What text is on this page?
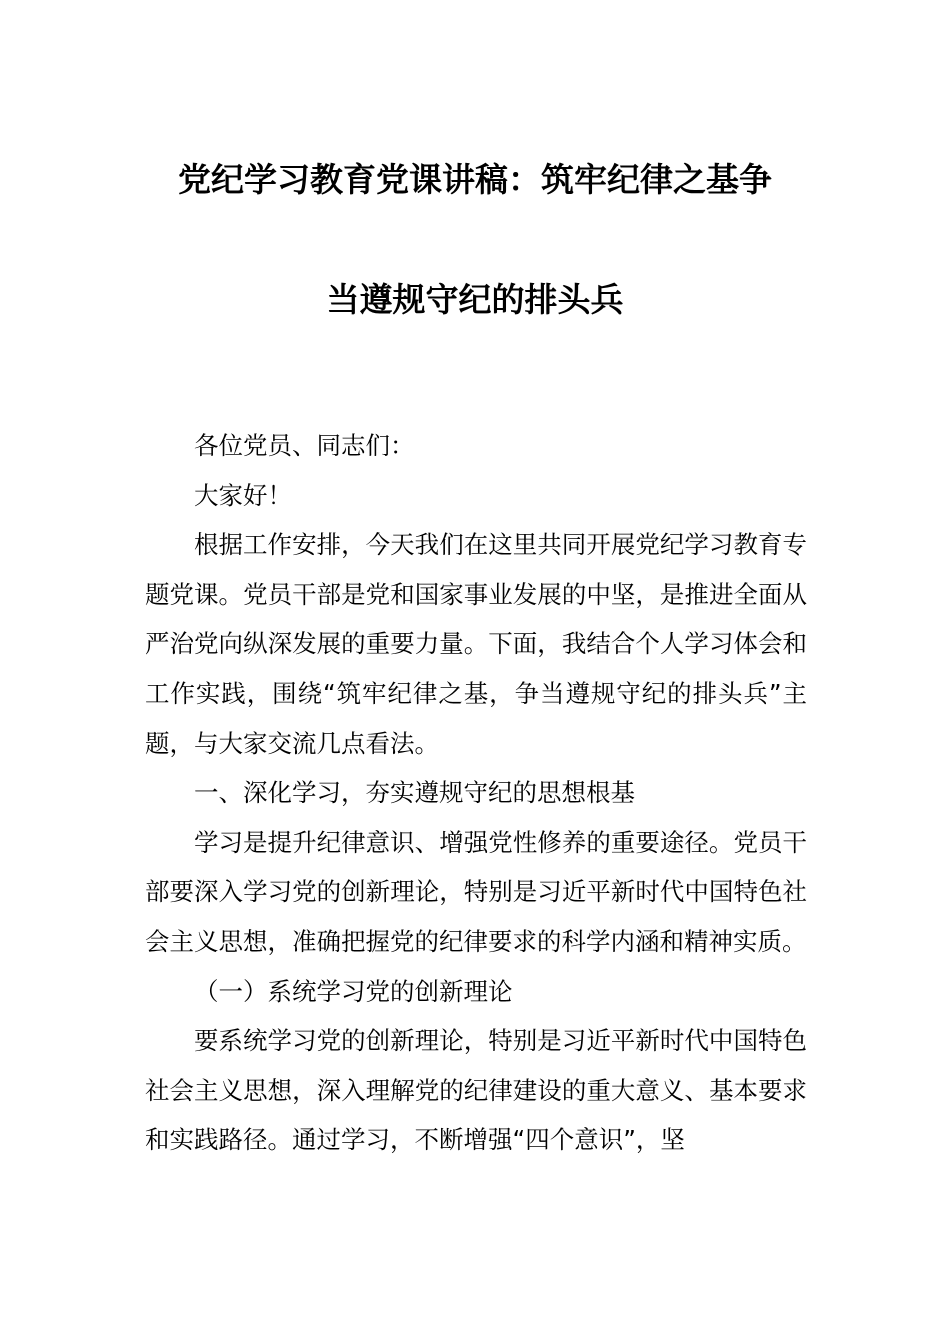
党纪学习教育党课讲稿：筑牢纪律之基争
当遵规守纪的排头兵

各位党员、同志们：

大家好！

根据工作安排，今天我们在这里共同开展党纪学习教育专题党课。党员干部是党和国家事业发展的中坚，是推进全面从严治党向纵深发展的重要力量。下面，我结合个人学习体会和工作实践，围绕“筑牢纪律之基，争当遵规守纪的排头兵”主题，与大家交流几点看法。

一、深化学习，夯实遵规守纪的思想根基

学习是提升纪律意识、增强党性修养的重要途径。党员干部要深入学习党的创新理论，特别是习近平新时代中国特色社会主义思想，准确把握党的纪律要求的科学内涵和精神实质。

（一）系统学习党的创新理论

要系统学习党的创新理论，特别是习近平新时代中国特色社会主义思想，深入理解党的纪律建设的重大意义、基本要求和实践路径。通过学习，不断增强“四个意识”，坚
